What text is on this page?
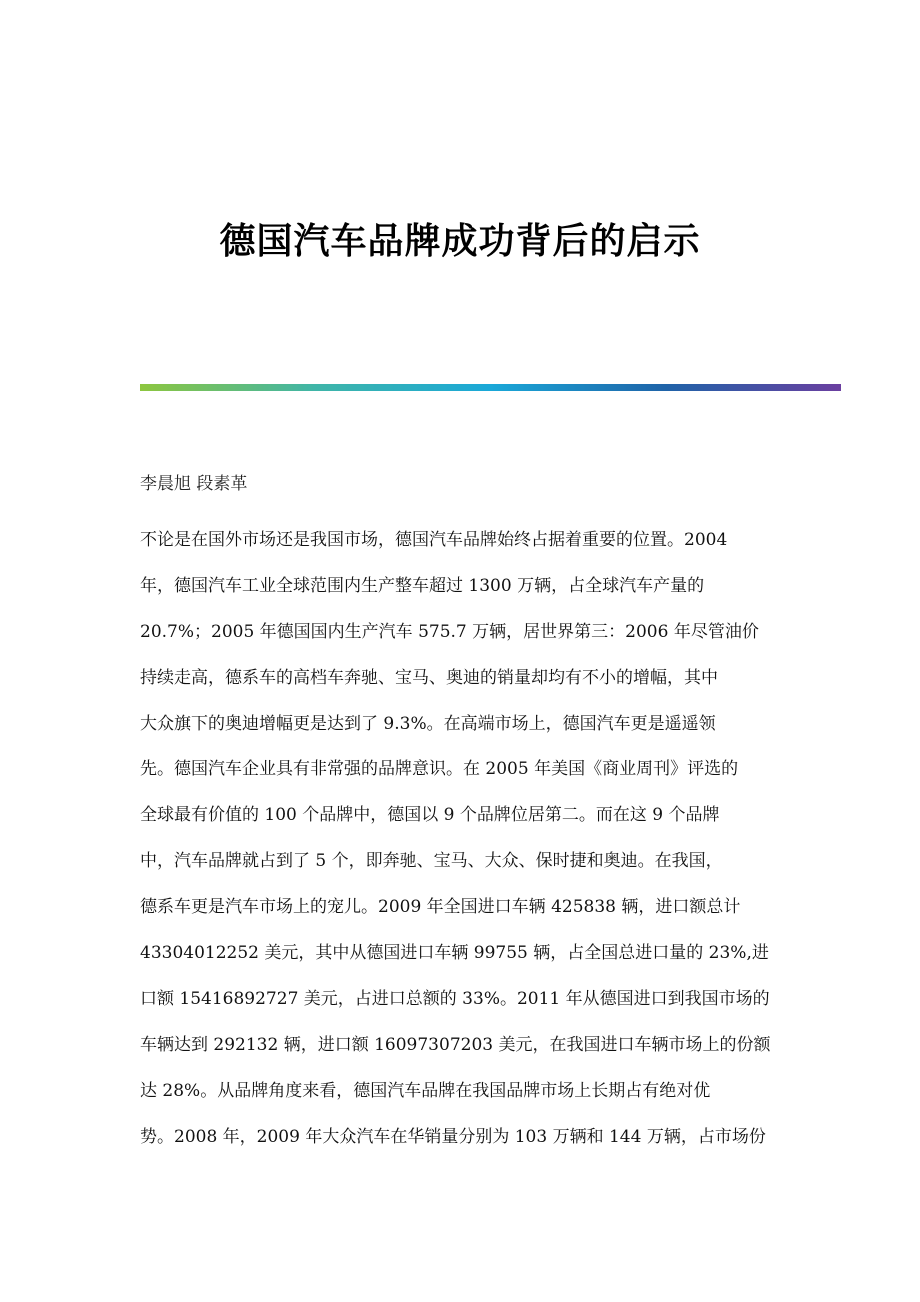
德国汽车品牌成功背后的启示
李晨旭 段素革
不论是在国外市场还是我国市场，德国汽车品牌始终占据着重要的位置。2004
年，德国汽车工业全球范围内生产整车超过 1300 万辆，占全球汽车产量的
20.7%；2005 年德国国内生产汽车 575.7 万辆，居世界第三：2006 年尽管油价
持续走高，德系车的高档车奔驰、宝马、奥迪的销量却均有不小的增幅，其中
大众旗下的奥迪增幅更是达到了 9.3%。在高端市场上，德国汽车更是遥遥领
先。德国汽车企业具有非常强的品牌意识。在 2005 年美国《商业周刊》评选的
全球最有价值的 100 个品牌中，德国以 9 个品牌位居第二。而在这 9 个品牌
中，汽车品牌就占到了 5 个，即奔驰、宝马、大众、保时捷和奥迪。在我国，
德系车更是汽车市场上的宠儿。2009 年全国进口车辆 425838 辆，进口额总计
43304012252 美元，其中从德国进口车辆 99755 辆，占全国总进口量的 23%,进
口额 15416892727 美元，占进口总额的 33%。2011 年从德国进口到我国市场的
车辆达到 292132 辆，进口额 16097307203 美元，在我国进口车辆市场上的份额
达 28%。从品牌角度来看，德国汽车品牌在我国品牌市场上长期占有绝对优
势。2008 年，2009 年大众汽车在华销量分别为 103 万辆和 144 万辆，占市场份
